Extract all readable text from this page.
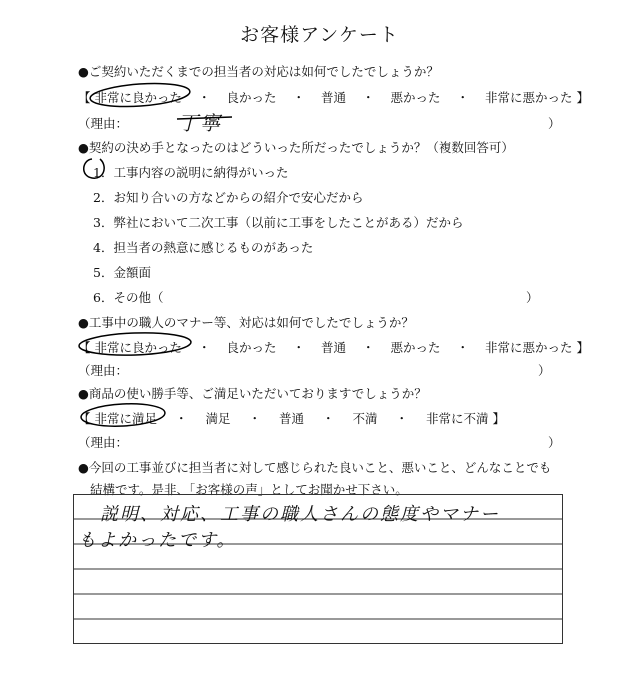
お客様アンケート
●ご契約いただくまでの担当者の対応は如何でしたでしょうか？
【 非常に良かった ・ 良かった ・ 普通 ・ 悪かった ・ 非常に悪かった 】
（理由： 丁寧	）
●契約の決め手となったのはどういった所だったでしょうか？（複数回答可）
1．工事内容の説明に納得がいった
2．お知り合いの方などからの紹介で安心だから
3．弊社において二次工事（以前に工事をしたことがある）だから
4．担当者の熱意に感じるものがあった
5．金額面
6．その他（	）
●工事中の職人のマナー等、対応は如何でしたでしょうか？
【 非常に良かった ・ 良かった ・ 普通 ・ 悪かった ・ 非常に悪かった 】
（理由：	）
●商品の使い勝手等、ご満足いただいておりますでしょうか？
【 非常に満足 ・ 満足 ・ 普通 ・ 不満 ・ 非常に不満 】
（理由：	）
●今回の工事並びに担当者に対して感じられた良いこと、悪いこと、どんなことでも
結構です。是非、「お客様の声」としてお聞かせ下さい。
説明、対応、工事の職人さんの態度やマナー
もよかったです。
